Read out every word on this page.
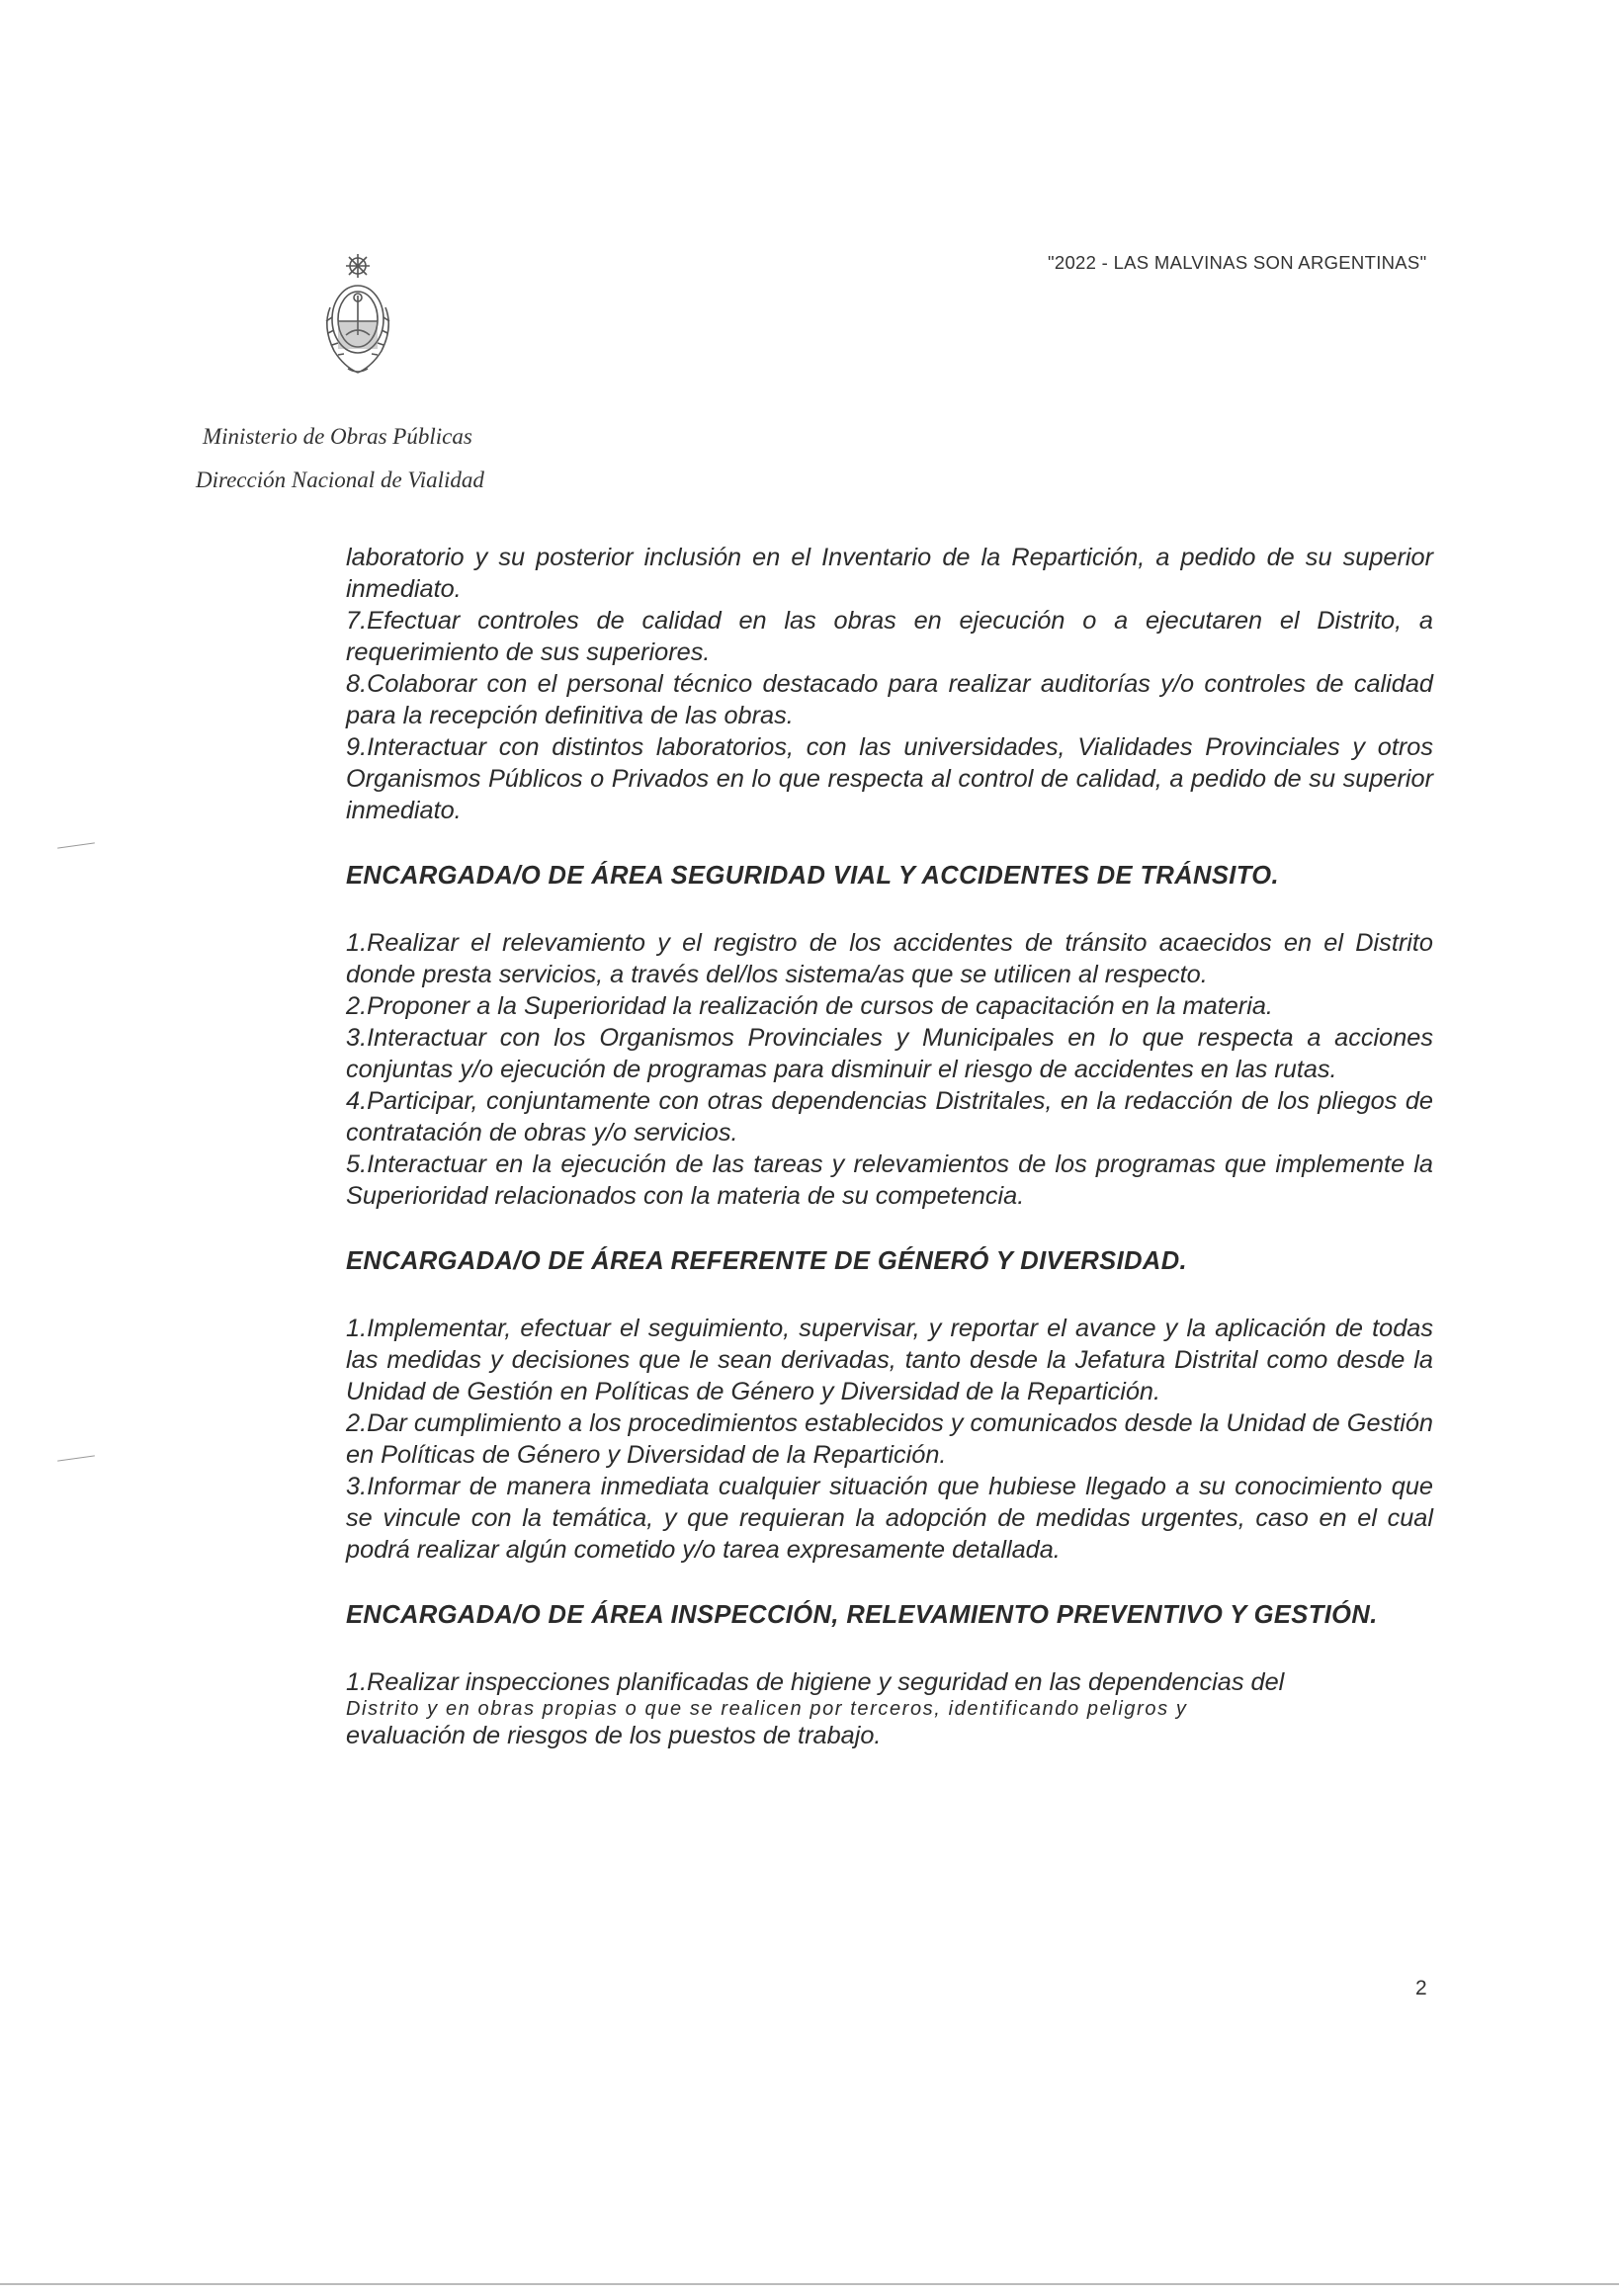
"2022 - LAS MALVINAS SON ARGENTINAS"
Ministerio de Obras Públicas
Dirección Nacional de Vialidad

laboratorio y su posterior inclusión en el Inventario de la Repartición, a pedido de su superior inmediato.

7.Efectuar controles de calidad en las obras en ejecución o a ejecutaren el Distrito, a requerimiento de sus superiores.

8.Colaborar con el personal técnico destacado para realizar auditorías y/o controles de calidad para la recepción definitiva de las obras.

9.Interactuar con distintos laboratorios, con las universidades, Vialidades Provinciales y otros Organismos Públicos o Privados en lo que respecta al control de calidad, a pedido de su superior inmediato.

ENCARGADA/O DE ÁREA SEGURIDAD VIAL Y ACCIDENTES DE TRÁNSITO.

1.Realizar el relevamiento y el registro de los accidentes de tránsito acaecidos en el Distrito donde presta servicios, a través del/los sistema/as que se utilicen al respecto.

2.Proponer a la Superioridad la realización de cursos de capacitación en la materia.

3.Interactuar con los Organismos Provinciales y Municipales en lo que respecta a acciones conjuntas y/o ejecución de programas para disminuir el riesgo de accidentes en las rutas.

4.Participar, conjuntamente con otras dependencias Distritales, en la redacción de los pliegos de contratación de obras y/o servicios.

5.Interactuar en la ejecución de las tareas y relevamientos de los programas que implemente la Superioridad relacionados con la materia de su competencia.

ENCARGADA/O DE ÁREA REFERENTE DE GÉNERÓ Y DIVERSIDAD.

1.Implementar, efectuar el seguimiento, supervisar, y reportar el avance y la aplicación de todas las medidas y decisiones que le sean derivadas, tanto desde la Jefatura Distrital como desde la Unidad de Gestión en Políticas de Género y Diversidad de la Repartición.

2.Dar cumplimiento a los procedimientos establecidos y comunicados desde la Unidad de Gestión en Políticas de Género y Diversidad de la Repartición.

3.Informar de manera inmediata cualquier situación que hubiese llegado a su conocimiento que se vincule con la temática, y que requieran la adopción de medidas urgentes, caso en el cual podrá realizar algún cometido y/o tarea expresamente detallada.

ENCARGADA/O DE ÁREA INSPECCIÓN, RELEVAMIENTO PREVENTIVO Y GESTIÓN.

1.Realizar inspecciones planificadas de higiene y seguridad en las dependencias del

Distrito y en obras propias o que se realicen por terceros, identificando peligros y

evaluación de riesgos de los puestos de trabajo.

2
